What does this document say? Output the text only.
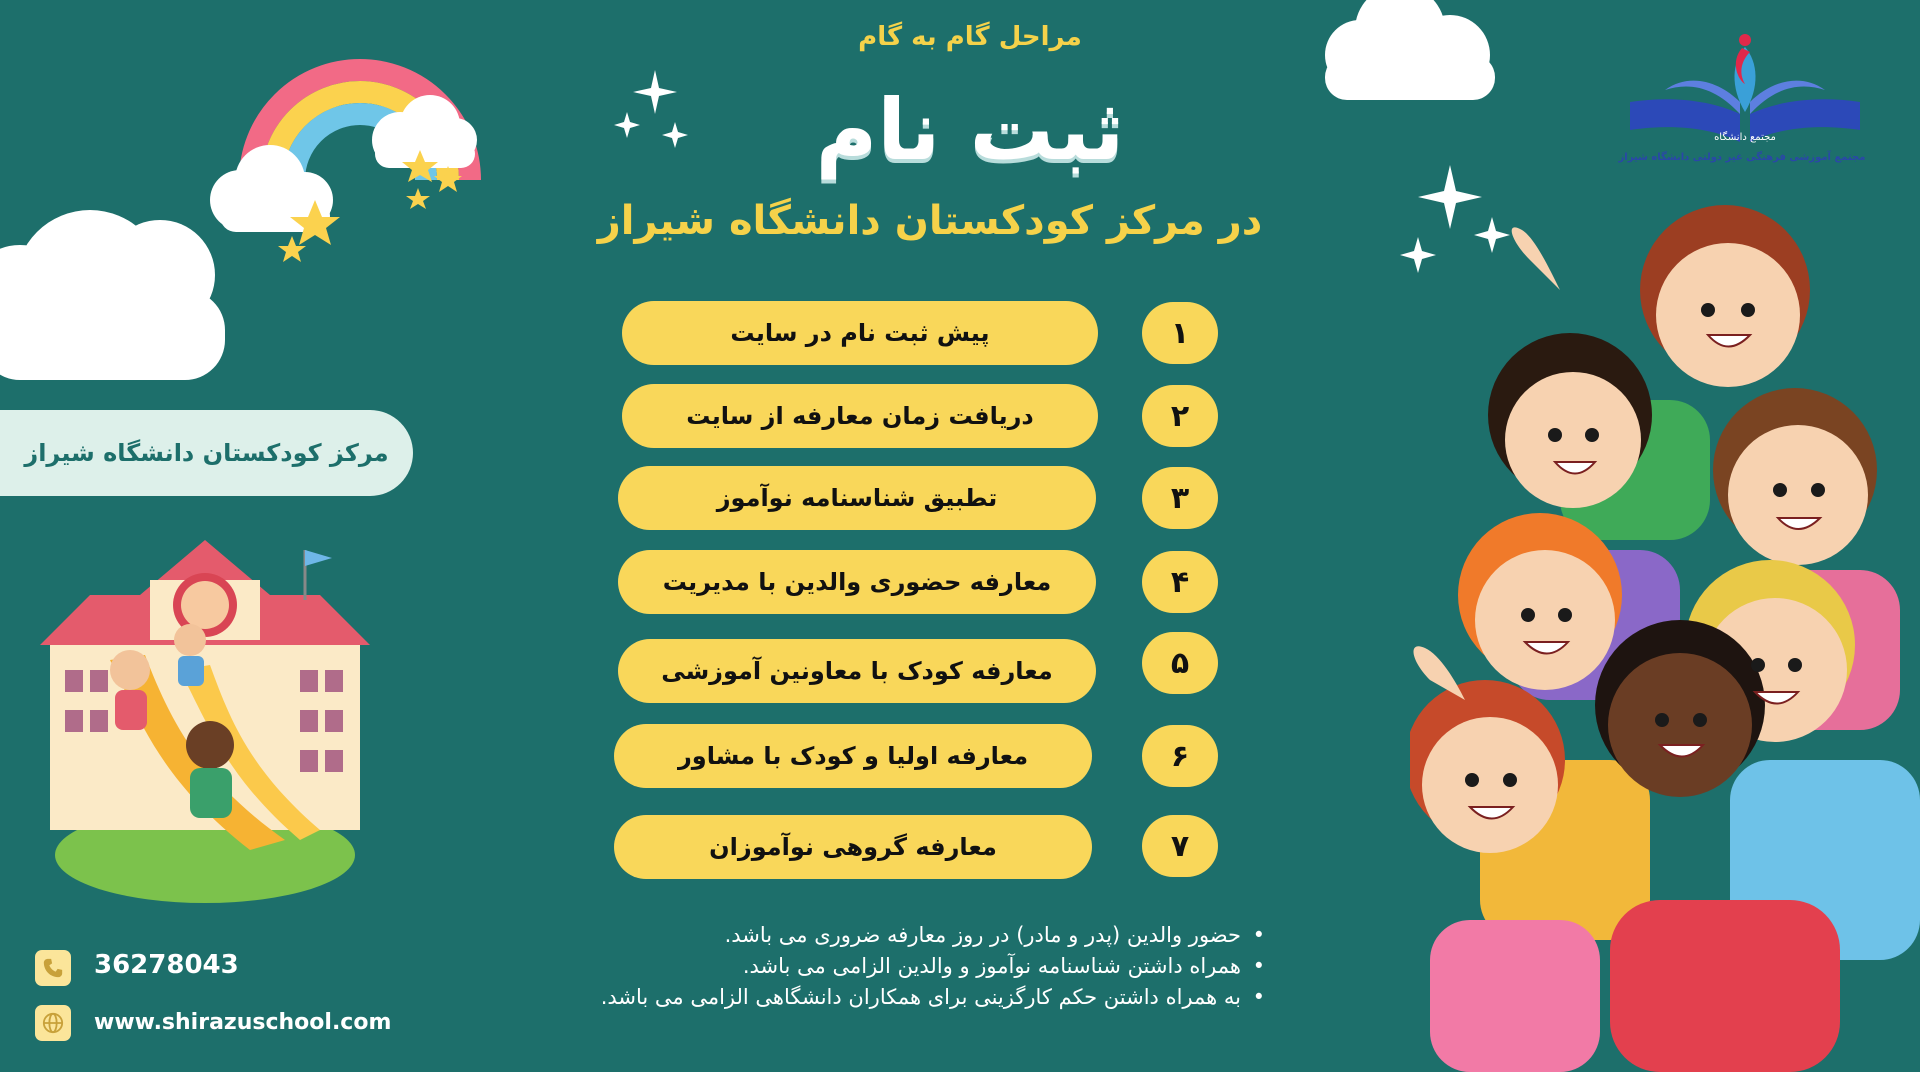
مراحل گام به گام
ثبت نام
در مرکز کودکستان دانشگاه شیراز
مجتمع دانشگاه
مجتمع آموزشی فرهنگی غیر دولتی دانشگاه شیراز
پیش ثبت نام در سایت	۱
دریافت زمان معارفه از سایت	۲
تطبیق شناسنامه نوآموز	۳
معارفه حضوری والدین با مدیریت	۴
معارفه کودک با معاونین آموزشی	۵
معارفه اولیا و کودک با مشاور	۶
معارفه گروهی نوآموزان	۷
مرکز کودکستان دانشگاه شیراز
36278043
www.shirazuschool.com
• حضور والدین (پدر و مادر) در روز معارفه ضروری می باشد.
• همراه داشتن شناسنامه نوآموز و والدین الزامی می باشد.
• به همراه داشتن حکم کارگزینی برای همکاران دانشگاهی الزامی می باشد.
